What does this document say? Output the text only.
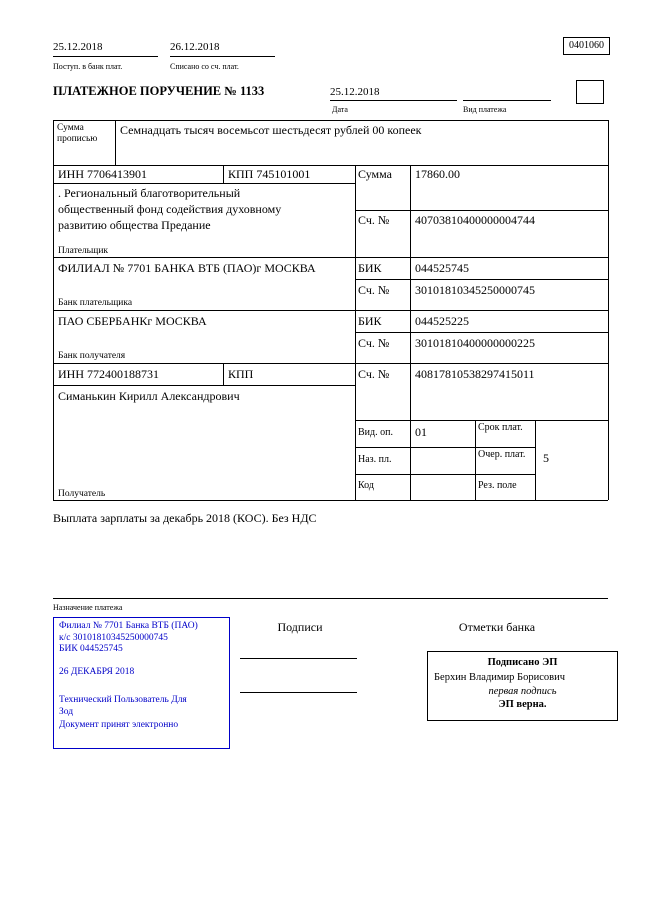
25.12.2018
Поступ. в банк плат.
26.12.2018
Списано со сч. плат.
0401060
ПЛАТЕЖНОЕ ПОРУЧЕНИЕ № 1133	25.12.2018
Дата	Вид платежа
Сумма прописью
Семнадцать тысяч восемьсот шестьдесят рублей 00 копеек
ИНН 7706413901	КПП 745101001	Сумма 17860.00
. Региональный благотворительный
общественный фонд содействия духовному
развитию общества Предание	Сч. № 40703810400000004744
Плательщик
ФИЛИАЛ № 7701 БАНКА ВТБ (ПАО)г МОСКВА	БИК	044525745
Сч. № 30101810345250000745
Банк плательщика
ПАО СБЕРБАНКг МОСКВА	БИК	044525225
Сч. № 30101810400000000225
Банк получателя
ИНН 772400188731	КПП	Сч. № 40817810538297415011
Симанькин Кирилл Александрович
Получатель
Вид. оп. 01	Срок плат.
Наз. пл.	Очер. плат.	5
Код	Рез. поле
Выплата зарплаты за декабрь 2018 (КОС). Без НДС
Назначение платежа
Филиал № 7701 Банка ВТБ (ПАО)
к/с 30101810345250000745
БИК 044525745
26 ДЕКАБРЯ 2018
Технический Пользователь Для
Зод
Документ принят электронно
Подписи	Отметки банка
Подписано ЭП
Берхин Владимир Борисович
первая подпись
ЭП верна.
